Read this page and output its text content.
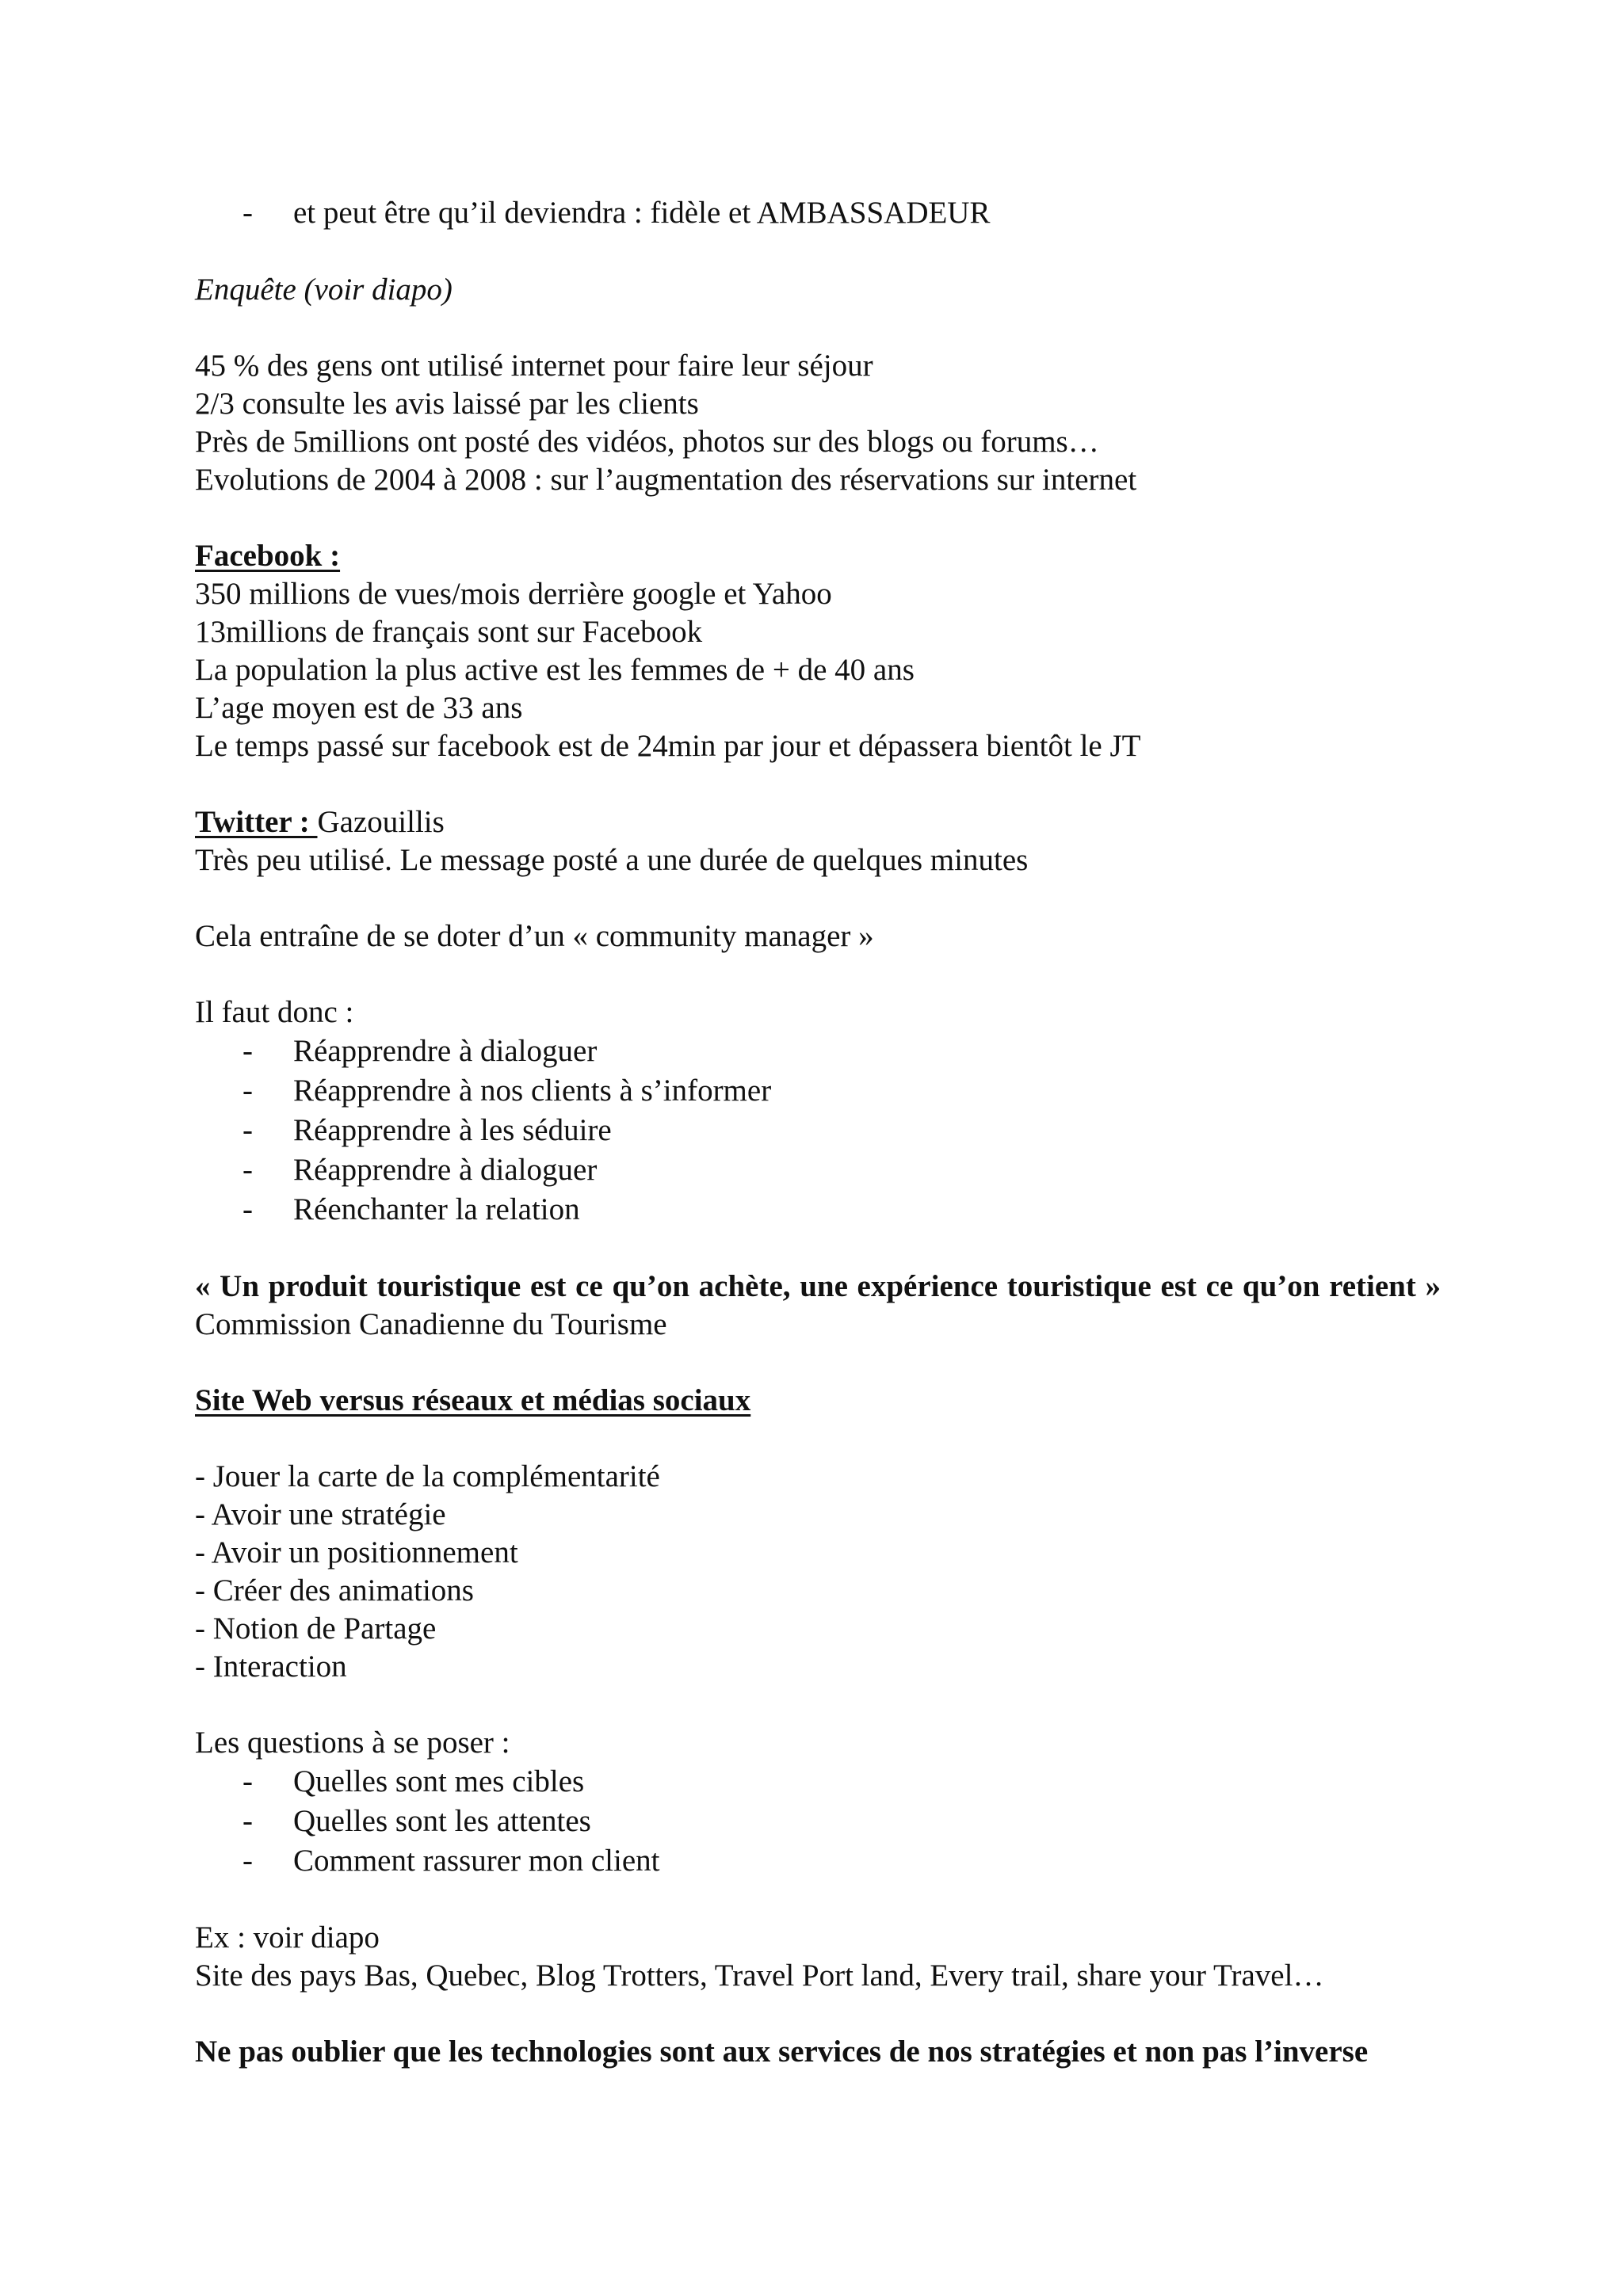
- et peut être qu’il deviendra : fidèle et AMBASSADEUR

Enquête (voir diapo)

45 % des gens ont utilisé internet pour faire leur séjour
2/3 consulte les avis laissé par les clients
Près de 5millions ont posté des vidéos, photos sur des blogs ou forums…
Evolutions de 2004 à 2008 : sur l’augmentation des réservations sur internet
Facebook :
350 millions de vues/mois derrière google et Yahoo
13millions de français sont sur Facebook
La population la plus active est les femmes de + de 40 ans
L’age moyen est de 33 ans
Le temps passé sur facebook est de 24min par jour et dépassera bientôt le JT
Twitter : Gazouillis
Très peu utilisé. Le message posté a une durée de quelques minutes

Cela entraîne de se doter d’un « community manager »

Il faut donc :

- Réapprendre à dialoguer
- Réapprendre à nos clients à s’informer
- Réapprendre à les séduire
- Réapprendre à dialoguer
- Réenchanter la relation

« Un produit touristique est ce qu’on achète, une expérience touristique est ce qu’on retient » Commission Canadienne du Tourisme

Site Web versus réseaux et médias sociaux

- Jouer la carte de la complémentarité
- Avoir une stratégie
- Avoir un positionnement
- Créer des animations
- Notion de Partage
- Interaction

Les questions à se poser :

- Quelles sont mes cibles
- Quelles sont les attentes
- Comment rassurer mon client
Ex : voir diapo
Site des pays Bas, Quebec, Blog Trotters, Travel Port land, Every trail, share your Travel…

Ne pas oublier que les technologies sont aux services de nos stratégies et non pas l’inverse
